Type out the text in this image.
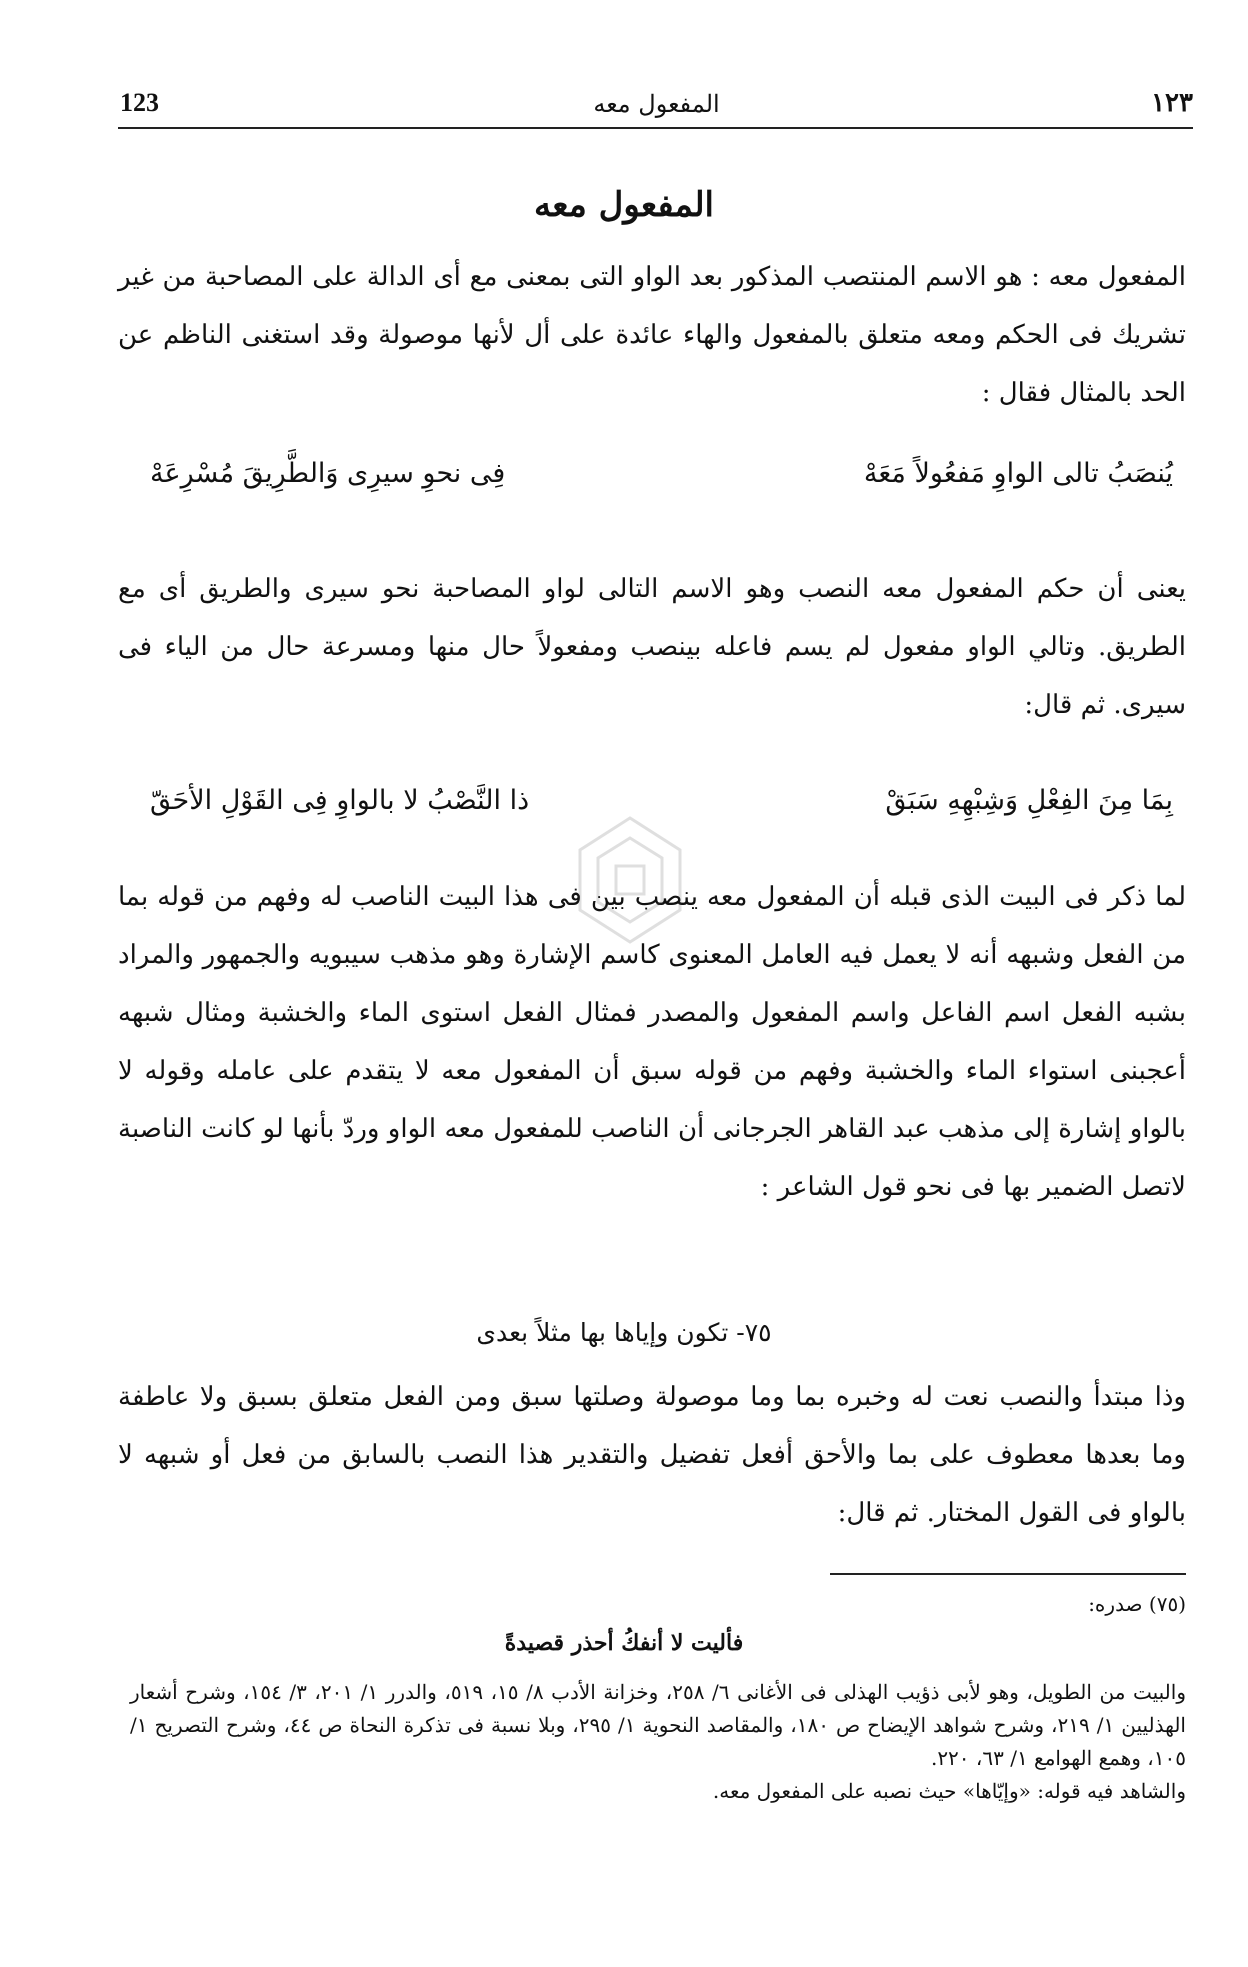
١٢٣
المفعول معه
123
المفعول معه

المفعول معه : هو الاسم المنتصب المذكور بعد الواو التى بمعنى مع أى الدالة على المصاحبة من غير تشريك فى الحكم ومعه متعلق بالمفعول والهاء عائدة على أل لأنها موصولة وقد استغنى الناظم عن الحد بالمثال فقال :

يُنصَبُ تالى الواوِ مَفعُولاً مَعَهْ
فِى نحوِ سيرِى وَالطَّرِيقَ مُسْرِعَهْ

يعنى أن حكم المفعول معه النصب وهو الاسم التالى لواو المصاحبة نحو سيرى والطريق أى مع الطريق. وتالي الواو مفعول لم يسم فاعله بينصب ومفعولاً حال منها ومسرعة حال من الياء فى سيرى. ثم قال:

بِمَا مِنَ الفِعْلِ وَشِبْهِهِ سَبَقْ
ذا النَّصْبُ لا بالواوِ فِى القَوْلِ الأحَقّ

لما ذكر فى البيت الذى قبله أن المفعول معه ينصب بين فى هذا البيت الناصب له وفهم من قوله بما من الفعل وشبهه أنه لا يعمل فيه العامل المعنوى كاسم الإشارة وهو مذهب سيبويه والجمهور والمراد بشبه الفعل اسم الفاعل واسم المفعول والمصدر فمثال الفعل استوى الماء والخشبة ومثال شبهه أعجبنى استواء الماء والخشبة وفهم من قوله سبق أن المفعول معه لا يتقدم على عامله وقوله لا بالواو إشارة إلى مذهب عبد القاهر الجرجانى أن الناصب للمفعول معه الواو وردّ بأنها لو كانت الناصبة لاتصل الضمير بها فى نحو قول الشاعر :

٧٥- تكون وإياها بها مثلاً بعدى

وذا مبتدأ والنصب نعت له وخبره بما وما موصولة وصلتها سبق ومن الفعل متعلق بسبق ولا عاطفة وما بعدها معطوف على بما والأحق أفعل تفضيل والتقدير هذا النصب بالسابق من فعل أو شبهه لا بالواو فى القول المختار. ثم قال:

(٧٥) صدره:
فأليت لا أنفكُ أحذر قصيدةً

والبيت من الطويل، وهو لأبى ذؤيب الهذلى فى الأغانى ٦/ ٢٥٨، وخزانة الأدب ٨/ ١٥، ٥١٩، والدرر ١/ ٢٠١، ٣/ ١٥٤، وشرح أشعار الهذليين ١/ ٢١٩، وشرح شواهد الإيضاح ص ١٨٠، والمقاصد النحوية ١/ ٢٩٥، وبلا نسبة فى تذكرة النحاة ص ٤٤، وشرح التصريح ١/ ١٠٥، وهمع الهوامع ١/ ٦٣، ٢٢٠.

والشاهد فيه قوله: «وإيّاها» حيث نصبه على المفعول معه.
